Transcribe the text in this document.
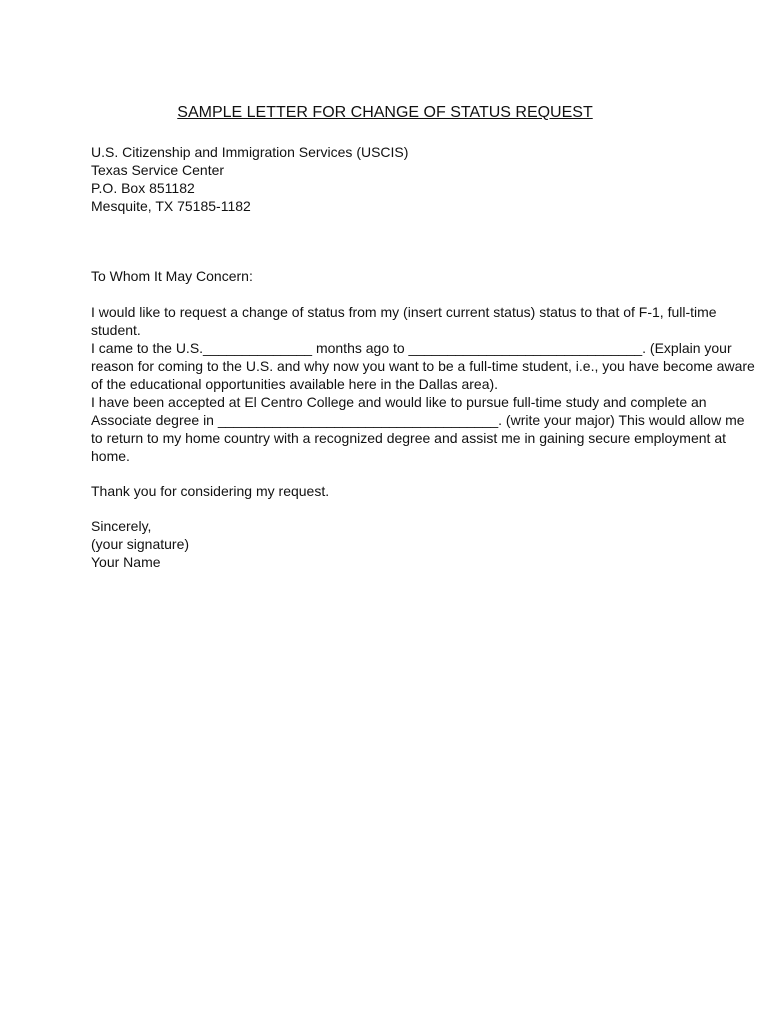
SAMPLE LETTER FOR CHANGE OF STATUS REQUEST

U.S. Citizenship and Immigration Services (USCIS)

Texas Service Center

P.O. Box 851182

Mesquite, TX 75185-1182

To Whom It May Concern:

I would like to request a change of status from my (insert current status) status to that of F-1, full-time

student.

I came to the U.S.______________ months ago to ______________________________. (Explain your

reason for coming to the U.S. and why now you want to be a full-time student, i.e., you have become aware

of the educational opportunities available here in the Dallas area).

I have been accepted at El Centro College and would like to pursue full-time study and complete an

Associate degree in ____________________________________. (write your major) This would allow me

to return to my home country with a recognized degree and assist me in gaining secure employment at

home.

Thank you for considering my request.

Sincerely,

(your signature)

Your Name
